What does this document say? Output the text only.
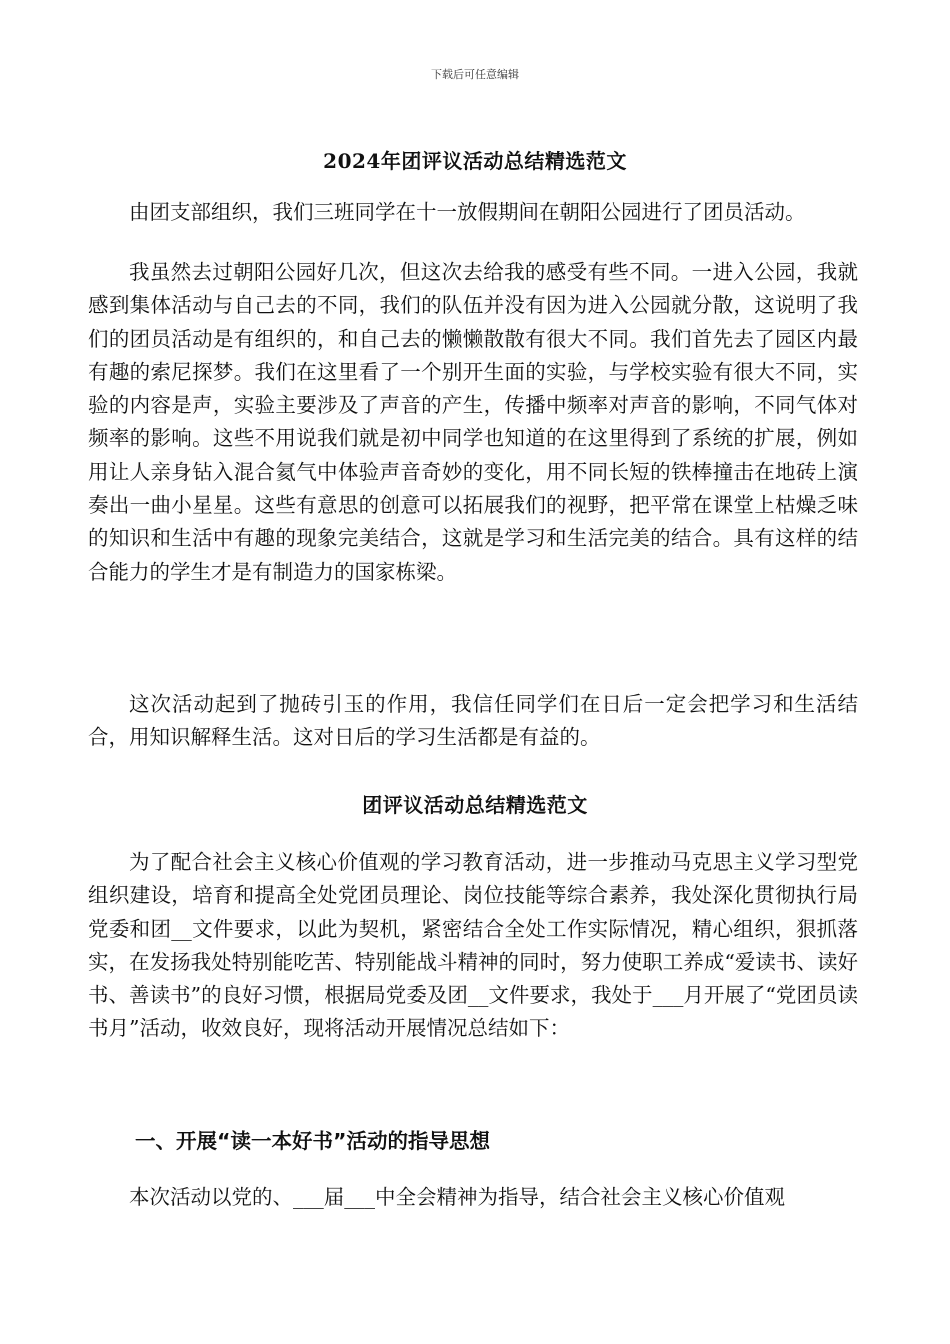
下载后可任意编辑
2024年团评议活动总结精选范文

由团支部组织，我们三班同学在十一放假期间在朝阳公园进行了团员活动。

我虽然去过朝阳公园好几次，但这次去给我的感受有些不同。一进入公园，我就感到集体活动与自己去的不同，我们的队伍并没有因为进入公园就分散，这说明了我们的团员活动是有组织的，和自己去的懒懒散散有很大不同。我们首先去了园区内最有趣的索尼探梦。我们在这里看了一个别开生面的实验，与学校实验有很大不同，实验的内容是声，实验主要涉及了声音的产生，传播中频率对声音的影响，不同气体对频率的影响。这些不用说我们就是初中同学也知道的在这里得到了系统的扩展，例如用让人亲身钻入混合氦气中体验声音奇妙的变化，用不同长短的铁棒撞击在地砖上演奏出一曲小星星。这些有意思的创意可以拓展我们的视野，把平常在课堂上枯燥乏味的知识和生活中有趣的现象完美结合，这就是学习和生活完美的结合。具有这样的结合能力的学生才是有制造力的国家栋梁。

这次活动起到了抛砖引玉的作用，我信任同学们在日后一定会把学习和生活结合，用知识解释生活。这对日后的学习生活都是有益的。

团评议活动总结精选范文

为了配合社会主义核心价值观的学习教育活动，进一步推动马克思主义学习型党组织建设，培育和提高全处党团员理论、岗位技能等综合素养，我处深化贯彻执行局党委和团__文件要求，以此为契机，紧密结合全处工作实际情况，精心组织，狠抓落实，在发扬我处特别能吃苦、特别能战斗精神的同时，努力使职工养成“爱读书、读好书、善读书”的良好习惯，根据局党委及团__文件要求，我处于___月开展了“党团员读书月”活动，收效良好，现将活动开展情况总结如下：

一、开展“读一本好书”活动的指导思想

本次活动以党的、___届___中全会精神为指导，结合社会主义核心价值观
